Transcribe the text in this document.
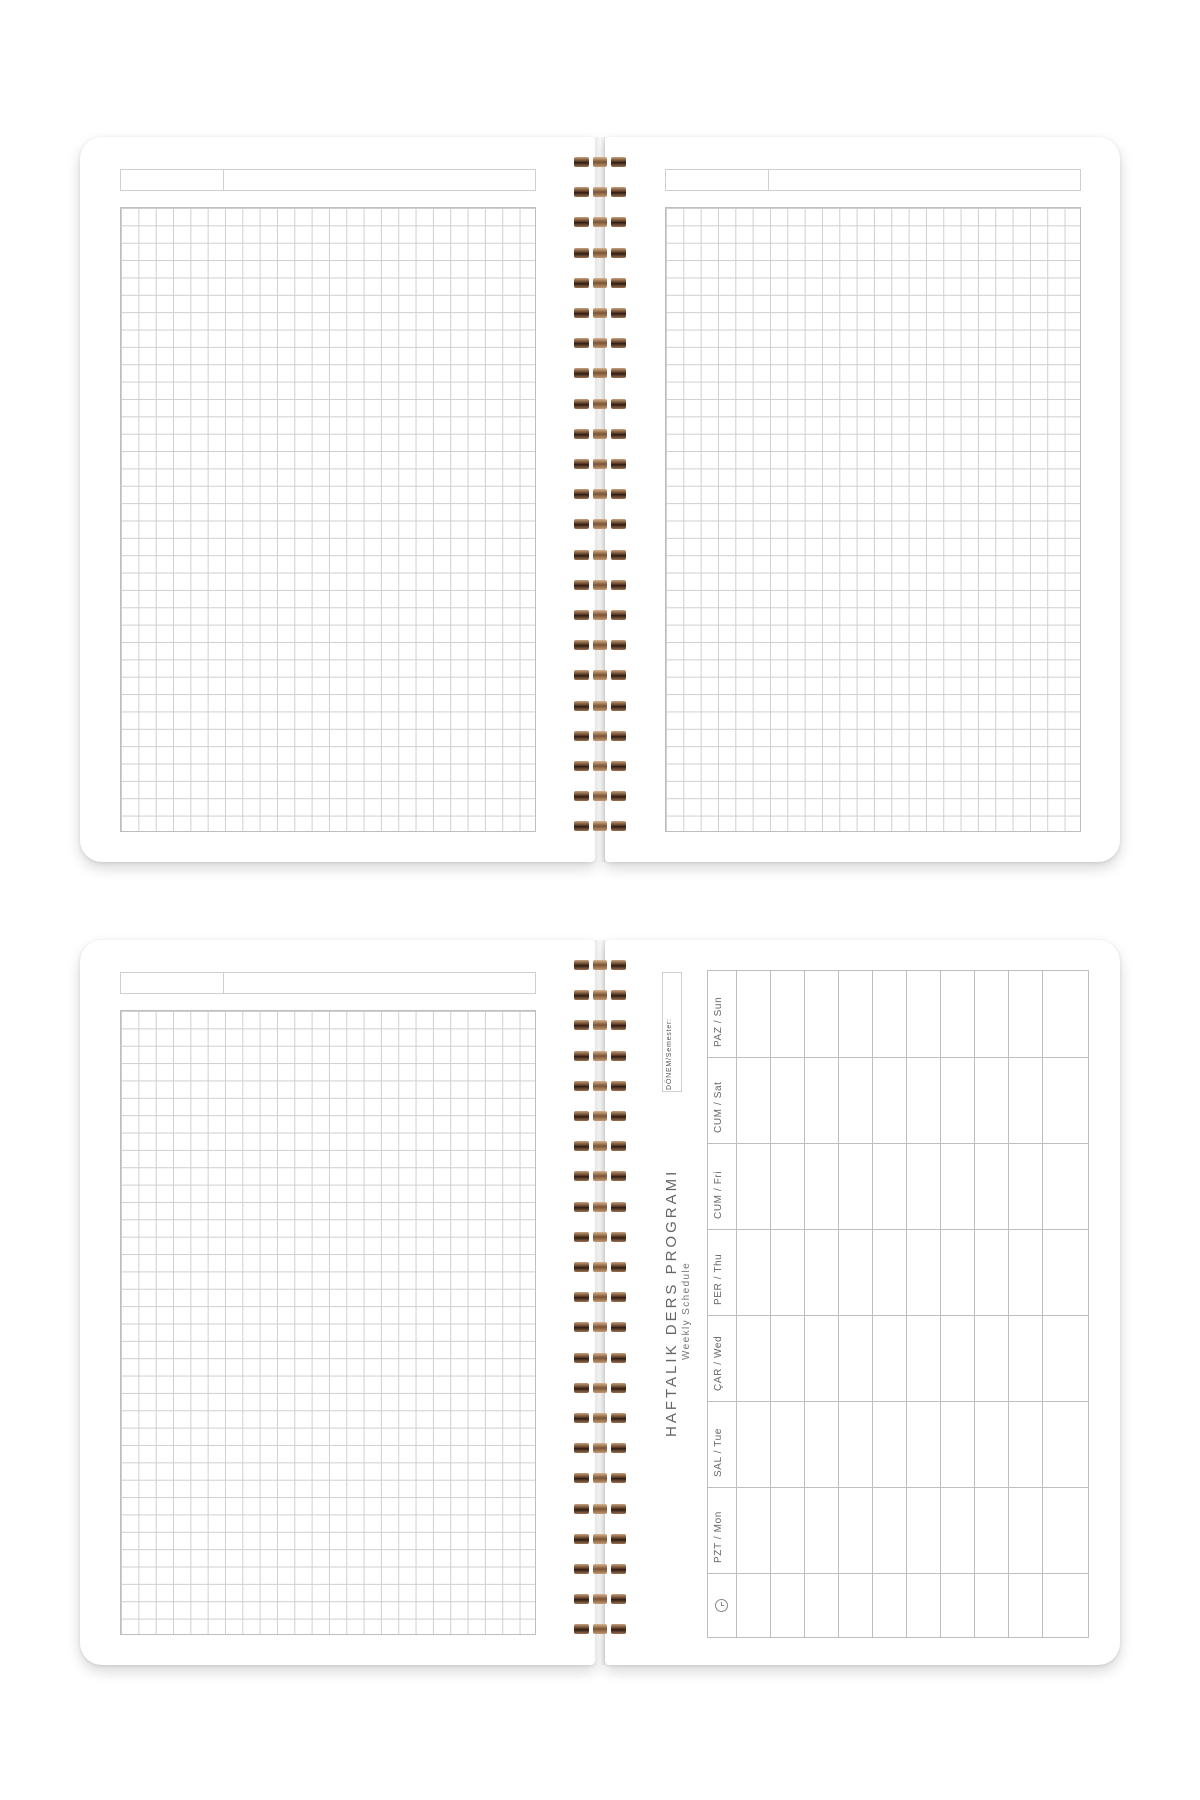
DÖNEM/Semester:
HAFTALIK DERS PROGRAMI Weekly Schedule
PAZ / Sun
CUM / Sat
CUM / Fri
PER / Thu
ÇAR / Wed
SAL / Tue
PZT / Mon
